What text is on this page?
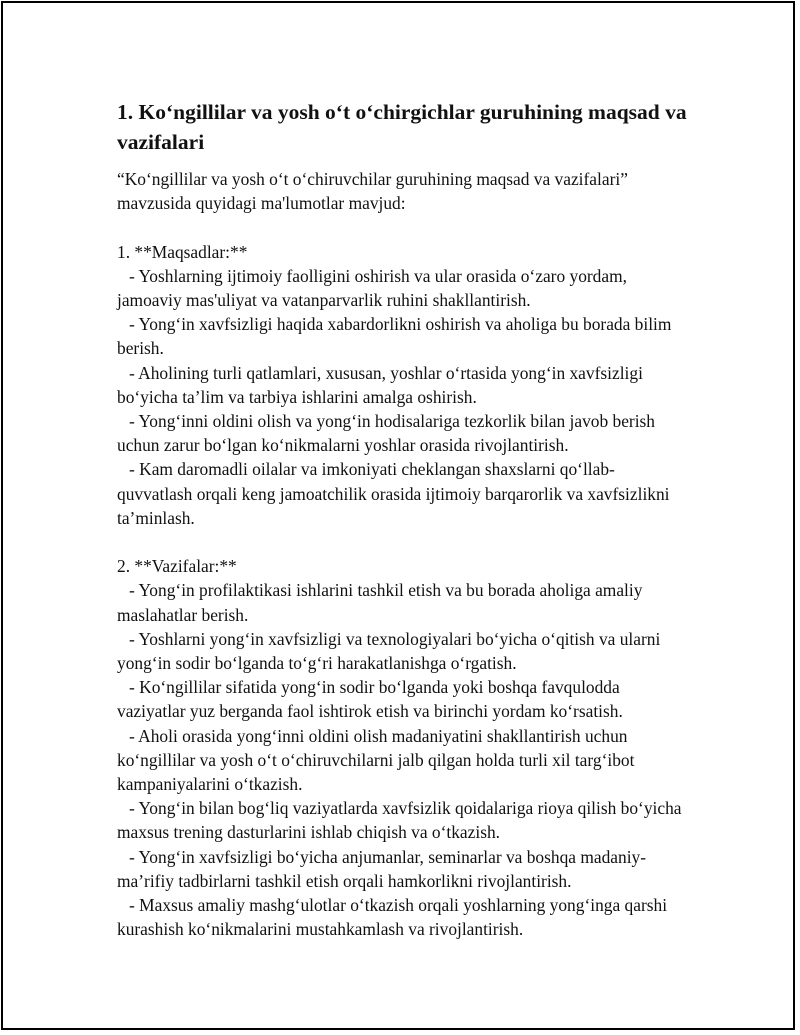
1. Ko‘ngillilar va yosh o‘t o‘chirgichlar guruhining maqsad va vazifalari

“Ko‘ngillilar va yosh o‘t o‘chiruvchilar guruhining maqsad va vazifalari” mavzusida quyidagi ma'lumotlar mavjud:

1. **Maqsadlar:**

- Yoshlarning ijtimoiy faolligini oshirish va ular orasida o‘zaro yordam, jamoaviy mas'uliyat va vatanparvarlik ruhini shakllantirish.

- Yong‘in xavfsizligi haqida xabardorlikni oshirish va aholiga bu borada bilim berish.

- Aholining turli qatlamlari, xususan, yoshlar o‘rtasida yong‘in xavfsizligi bo‘yicha ta’lim va tarbiya ishlarini amalga oshirish.

- Yong‘inni oldini olish va yong‘in hodisalariga tezkorlik bilan javob berish uchun zarur bo‘lgan ko‘nikmalarni yoshlar orasida rivojlantirish.

- Kam daromadli oilalar va imkoniyati cheklangan shaxslarni qo‘llab-quvvatlash orqali keng jamoatchilik orasida ijtimoiy barqarorlik va xavfsizlikni ta’minlash.

2. **Vazifalar:**

- Yong‘in profilaktikasi ishlarini tashkil etish va bu borada aholiga amaliy maslahatlar berish.

- Yoshlarni yong‘in xavfsizligi va texnologiyalari bo‘yicha o‘qitish va ularni yong‘in sodir bo‘lganda to‘g‘ri harakatlanishga o‘rgatish.

- Ko‘ngillilar sifatida yong‘in sodir bo‘lganda yoki boshqa favqulodda vaziyatlar yuz berganda faol ishtirok etish va birinchi yordam ko‘rsatish.

- Aholi orasida yong‘inni oldini olish madaniyatini shakllantirish uchun ko‘ngillilar va yosh o‘t o‘chiruvchilarni jalb qilgan holda turli xil targ‘ibot kampaniyalarini o‘tkazish.

- Yong‘in bilan bog‘liq vaziyatlarda xavfsizlik qoidalariga rioya qilish bo‘yicha maxsus trening dasturlarini ishlab chiqish va o‘tkazish.

- Yong‘in xavfsizligi bo‘yicha anjumanlar, seminarlar va boshqa madaniy-ma’rifiy tadbirlarni tashkil etish orqali hamkorlikni rivojlantirish.

- Maxsus amaliy mashg‘ulotlar o‘tkazish orqali yoshlarning yong‘inga qarshi kurashish ko‘nikmalarini mustahkamlash va rivojlantirish.
